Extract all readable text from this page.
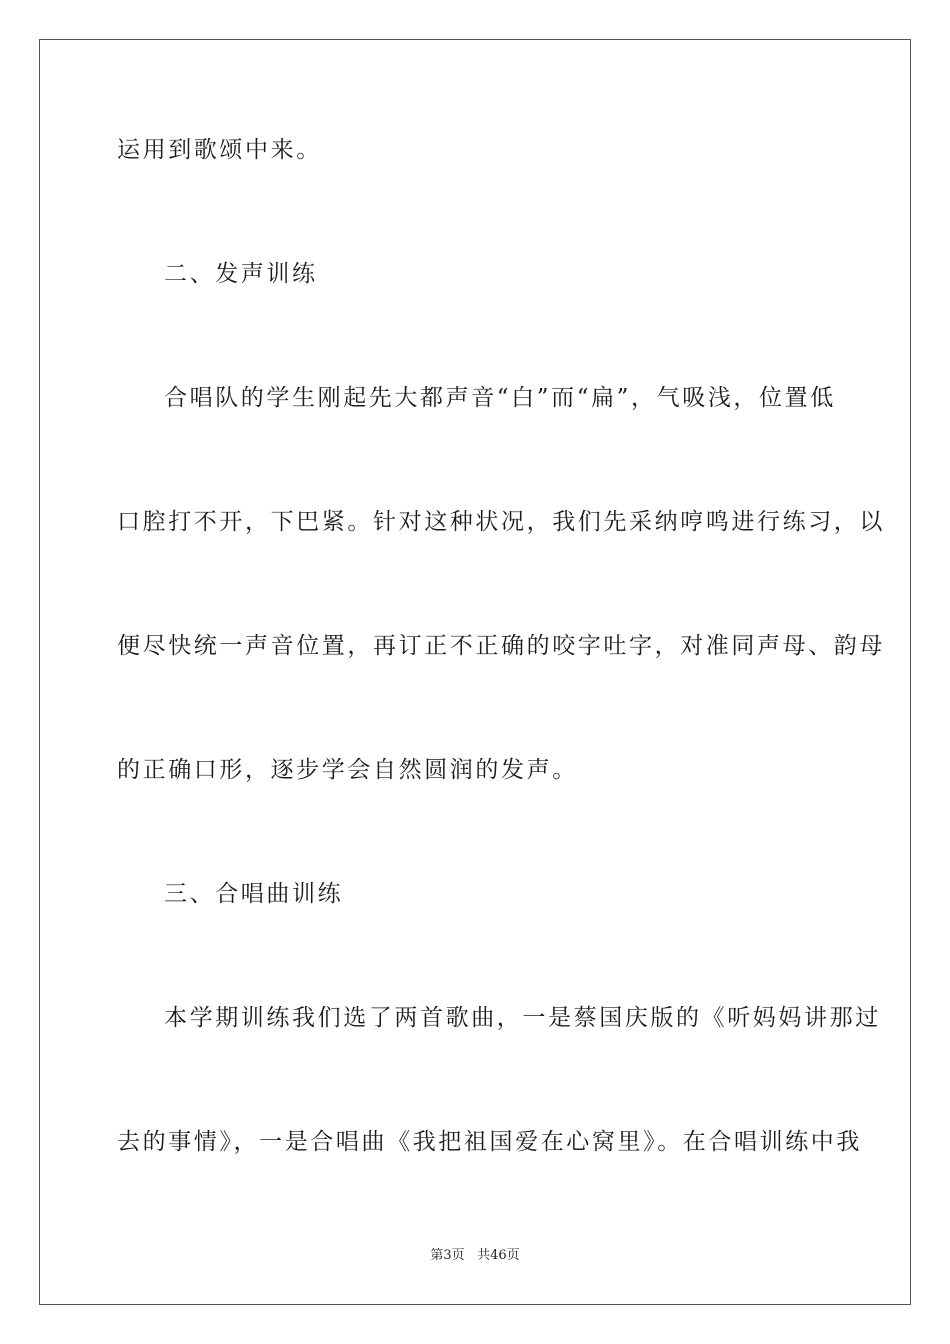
运用到歌颂中来。
二、发声训练
合唱队的学生刚起先大都声音“白”而“扁”，气吸浅，位置低
口腔打不开，下巴紧。针对这种状况，我们先采纳哼鸣进行练习，以
便尽快统一声音位置，再订正不正确的咬字吐字，对准同声母、韵母
的正确口形，逐步学会自然圆润的发声。
三、合唱曲训练
本学期训练我们选了两首歌曲，一是蔡国庆版的《听妈妈讲那过
去的事情》，一是合唱曲《我把祖国爱在心窝里》。在合唱训练中我
第3页 共46页
